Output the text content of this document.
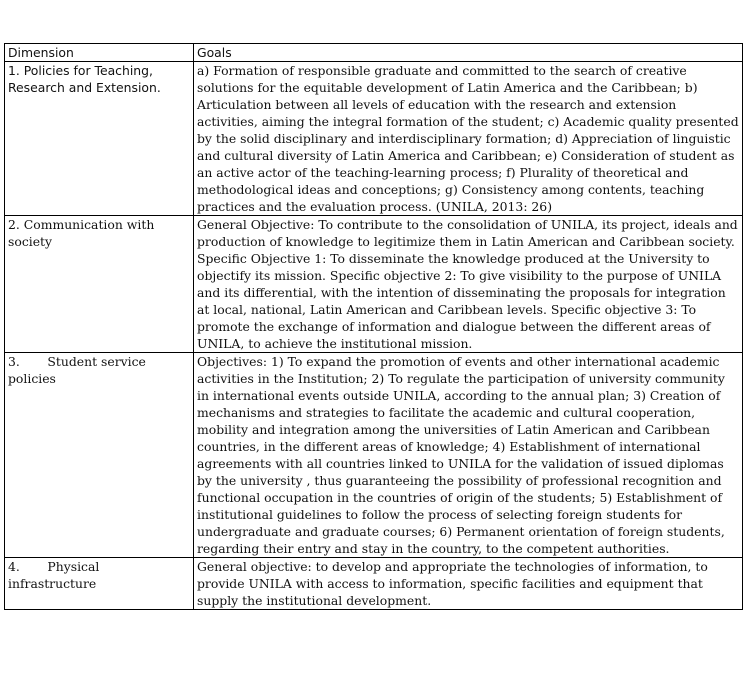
Dimension	Goals
1. Policies for Teaching, Research and Extension.	a) Formation of responsible graduate and committed to the search of creative solutions for the equitable development of Latin America and the Caribbean; b) Articulation between all levels of education with the research and extension activities, aiming the integral formation of the student; c) Academic quality presented by the solid disciplinary and interdisciplinary formation; d) Appreciation of linguistic and cultural diversity of Latin America and Caribbean; e) Consideration of student as an active actor of the teaching-learning process; f) Plurality of theoretical and methodological ideas and conceptions; g) Consistency among contents, teaching practices and the evaluation process. (UNILA, 2013: 26)
2. Communication with society	General Objective: To contribute to the consolidation of UNILA, its project, ideals and production of knowledge to legitimize them in Latin American and Caribbean society. Specific Objective 1: To disseminate the knowledge produced at the University to objectify its mission. Specific objective 2: To give visibility to the purpose of UNILA and its differential, with the intention of disseminating the proposals for integration at local, national, Latin American and Caribbean levels. Specific objective 3: To promote the exchange of information and dialogue between the different areas of UNILA, to achieve the institutional mission.
3.       Student service policies	Objectives: 1) To expand the promotion of events and other international academic activities in the Institution; 2) To regulate the participation of university community in international events outside UNILA, according to the annual plan; 3) Creation of mechanisms and strategies to facilitate the academic and cultural cooperation, mobility and integration among the universities of Latin American and Caribbean countries, in the different areas of knowledge; 4) Establishment of international agreements with all countries linked to UNILA for the validation of issued diplomas by the university , thus guaranteeing the possibility of professional recognition and functional occupation in the countries of origin of the students; 5) Establishment of institutional guidelines to follow the process of selecting foreign students for undergraduate and graduate courses; 6) Permanent orientation of foreign students, regarding their entry and stay in the country, to the competent authorities.
4.       Physical infrastructure	General objective: to develop and appropriate the technologies of information, to provide UNILA with access to information, specific facilities and equipment that supply the institutional development.
